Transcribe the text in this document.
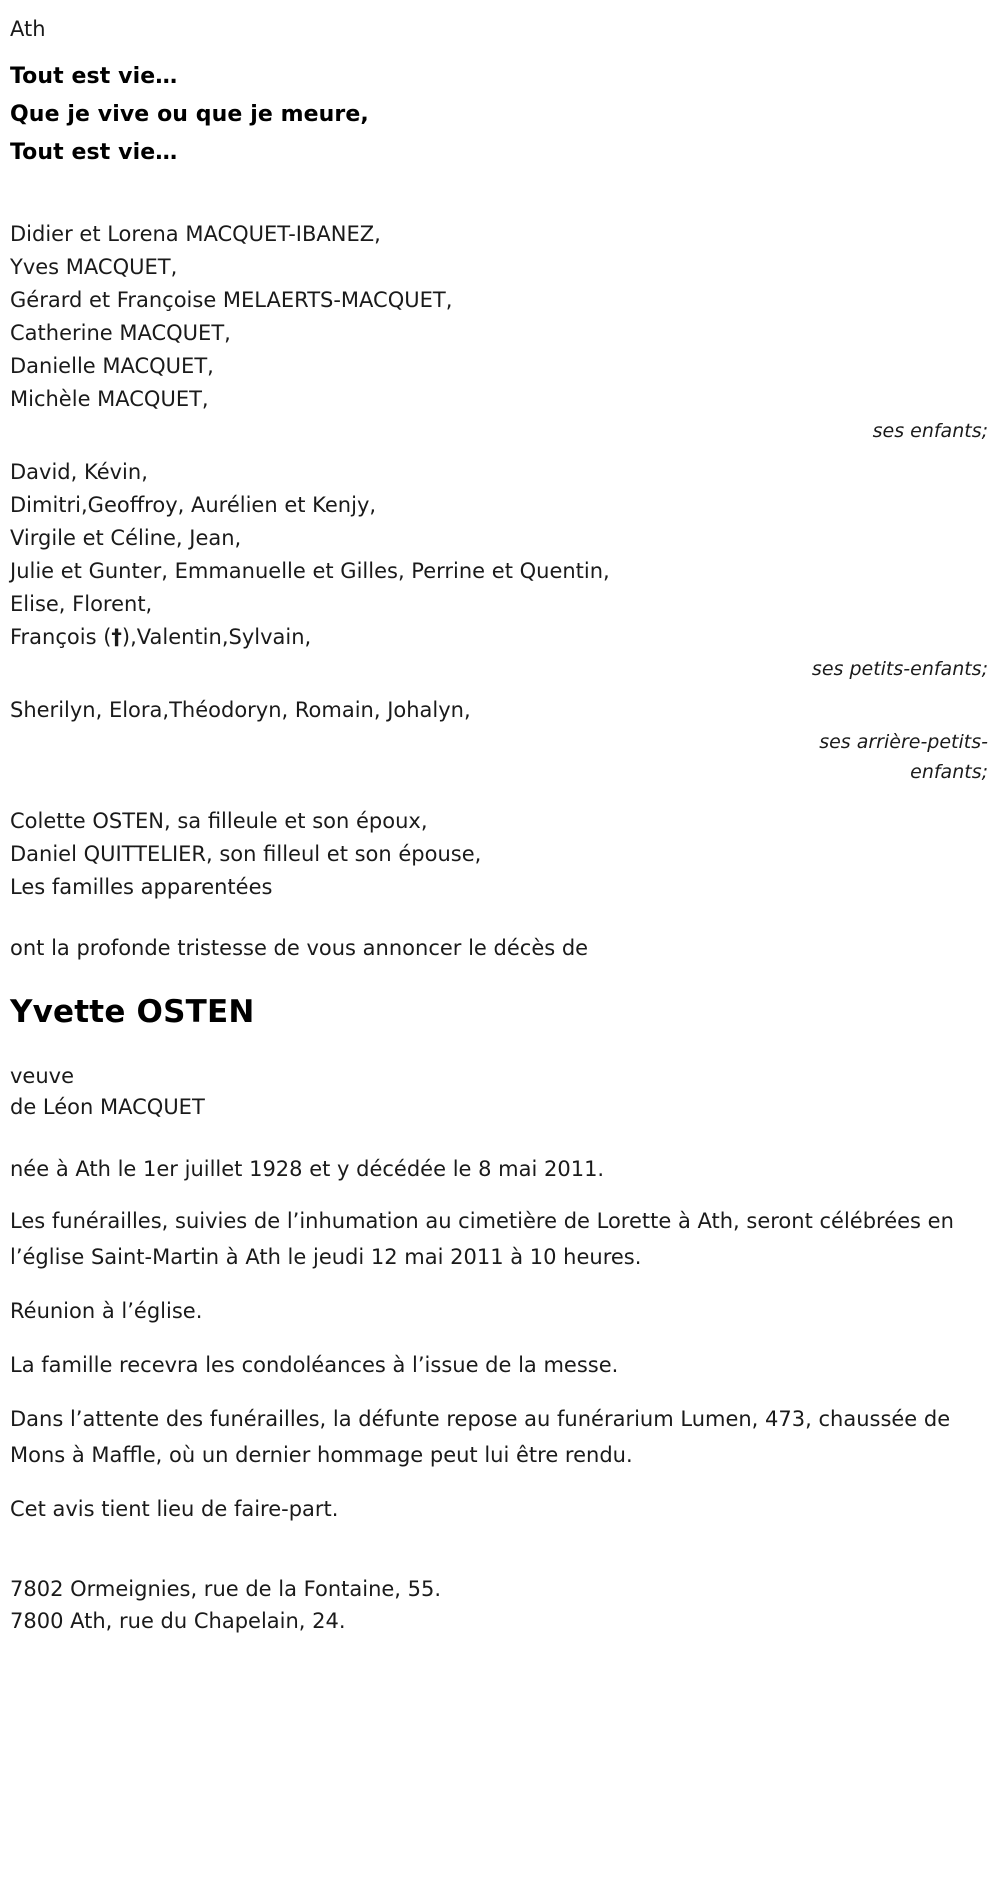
Ath
Tout est vie…
Que je vive ou que je meure,
Tout est vie…
Didier et Lorena MACQUET-IBANEZ,
Yves MACQUET,
Gérard et Françoise MELAERTS-MACQUET,
Catherine MACQUET,
Danielle MACQUET,
Michèle MACQUET,
ses enfants;
David, Kévin,
Dimitri,Geoffroy, Aurélien et Kenjy,
Virgile et Céline, Jean,
Julie et Gunter, Emmanuelle et Gilles, Perrine et Quentin,
Elise, Florent,
François (†),Valentin,Sylvain,
ses petits-enfants;
Sherilyn, Elora,Théodoryn, Romain, Johalyn,
ses arrière-petits-
enfants;
Colette OSTEN, sa filleule et son époux,
Daniel QUITTELIER, son filleul et son épouse,
Les familles apparentées
ont la profonde tristesse de vous annoncer le décès de
Yvette OSTEN
veuve
de Léon MACQUET
née à Ath le 1er juillet 1928 et y décédée le 8 mai 2011.
Les funérailles, suivies de l’inhumation au cimetière de Lorette à Ath, seront célébrées en l’église Saint-Martin à Ath le jeudi 12 mai 2011 à 10 heures.
Réunion à l’église.
La famille recevra les condoléances à l’issue de la messe.
Dans l’attente des funérailles, la défunte repose au funérarium Lumen, 473, chaussée de Mons à Maffle, où un dernier hommage peut lui être rendu.
Cet avis tient lieu de faire-part.
7802 Ormeignies, rue de la Fontaine, 55.
7800 Ath, rue du Chapelain, 24.
